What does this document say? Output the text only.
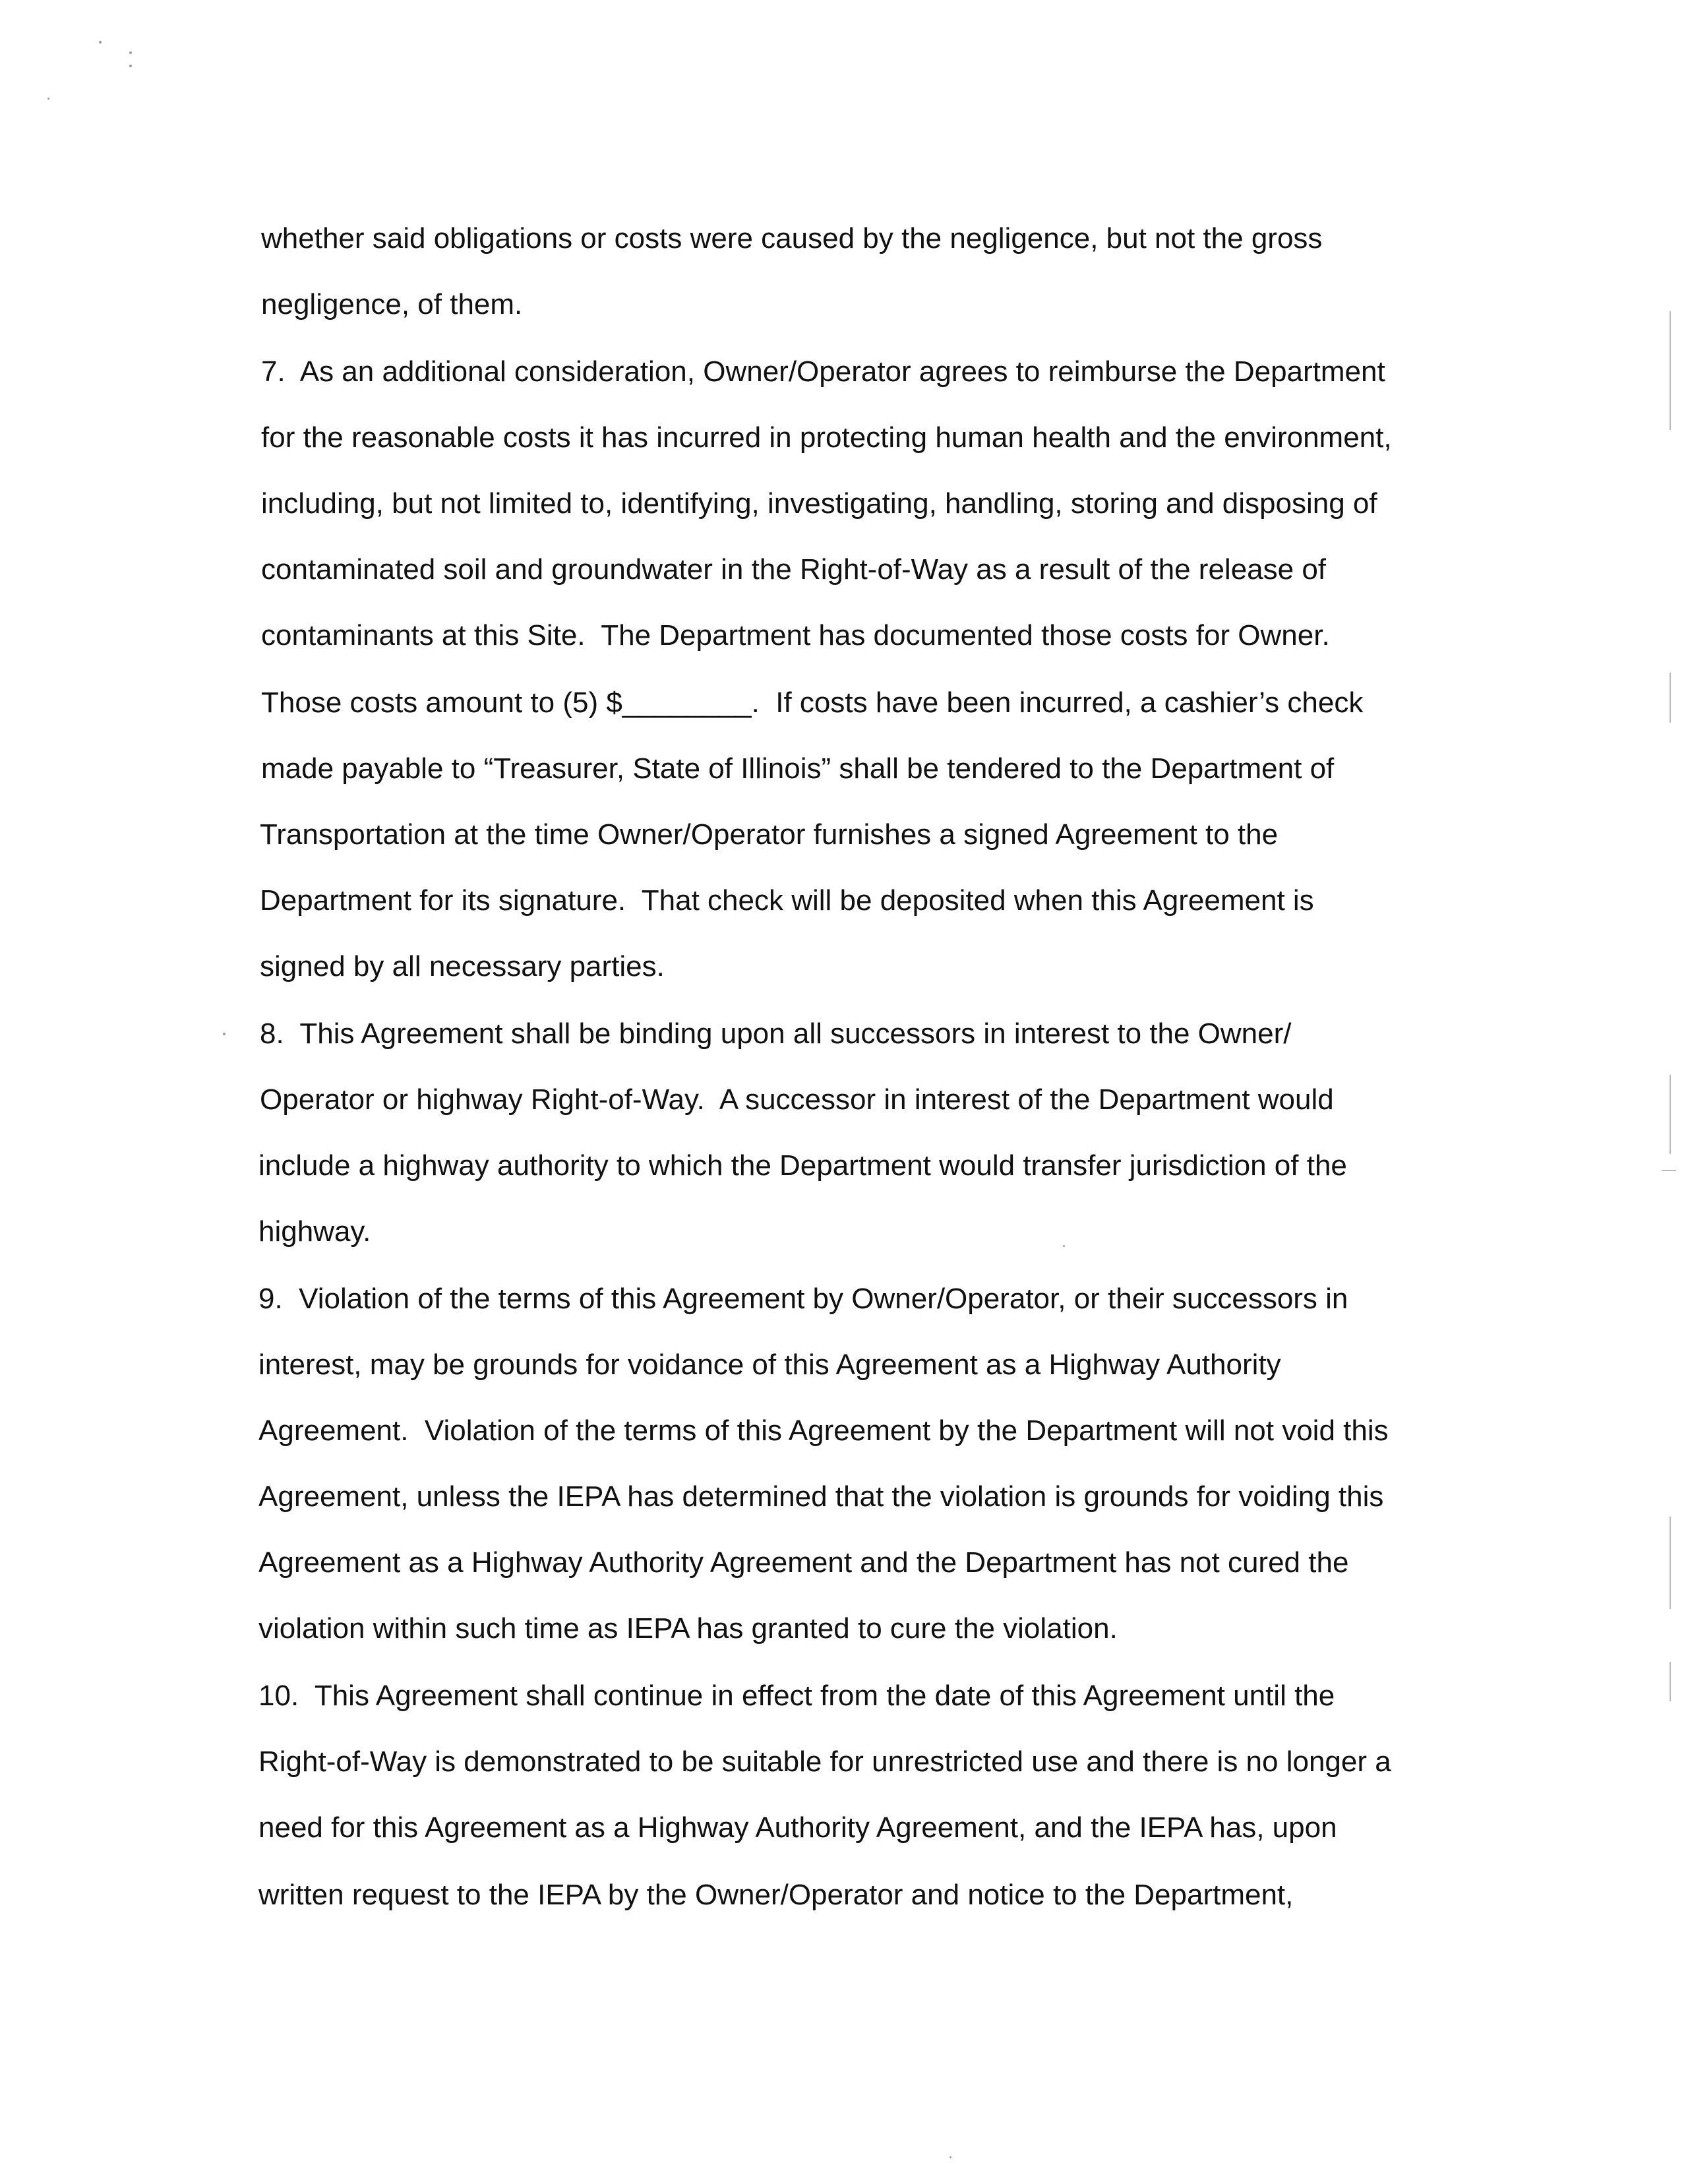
whether said obligations or costs were caused by the negligence, but not the gross
negligence, of them.
7.  As an additional consideration, Owner/Operator agrees to reimburse the Department
for the reasonable costs it has incurred in protecting human health and the environment,
including, but not limited to, identifying, investigating, handling, storing and disposing of
contaminated soil and groundwater in the Right-of-Way as a result of the release of
contaminants at this Site.  The Department has documented those costs for Owner.
Those costs amount to (5) $________.  If costs have been incurred, a cashier’s check
made payable to “Treasurer, State of Illinois” shall be tendered to the Department of
Transportation at the time Owner/Operator furnishes a signed Agreement to the
Department for its signature.  That check will be deposited when this Agreement is
signed by all necessary parties.
8.  This Agreement shall be binding upon all successors in interest to the Owner/
Operator or highway Right-of-Way.  A successor in interest of the Department would
include a highway authority to which the Department would transfer jurisdiction of the
highway.
9.  Violation of the terms of this Agreement by Owner/Operator, or their successors in
interest, may be grounds for voidance of this Agreement as a Highway Authority
Agreement.  Violation of the terms of this Agreement by the Department will not void this
Agreement, unless the IEPA has determined that the violation is grounds for voiding this
Agreement as a Highway Authority Agreement and the Department has not cured the
violation within such time as IEPA has granted to cure the violation.
10.  This Agreement shall continue in effect from the date of this Agreement until the
Right-of-Way is demonstrated to be suitable for unrestricted use and there is no longer a
need for this Agreement as a Highway Authority Agreement, and the IEPA has, upon
written request to the IEPA by the Owner/Operator and notice to the Department,
